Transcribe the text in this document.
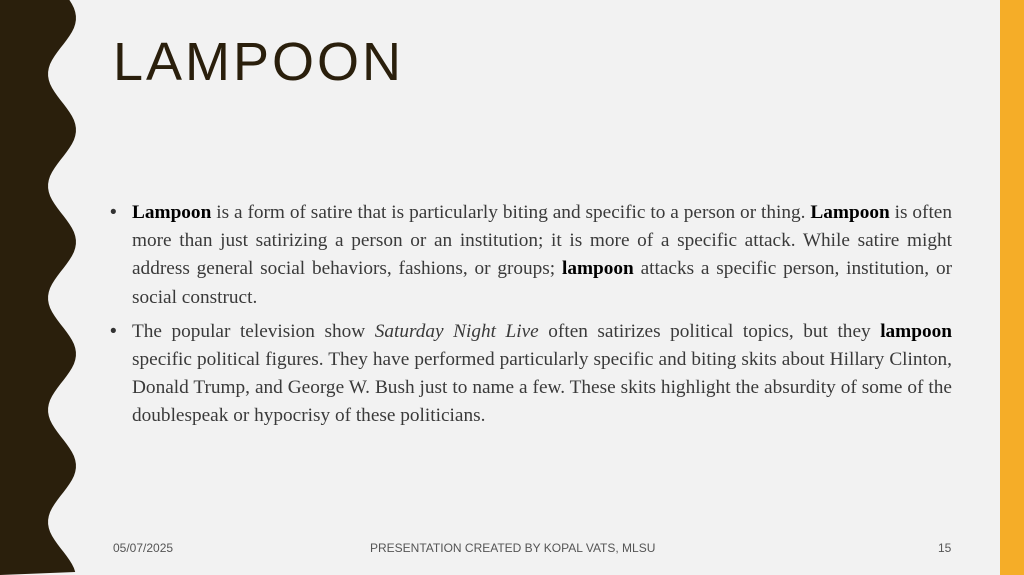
LAMPOON
• Lampoon is a form of satire that is particularly biting and specific to a person or thing. Lampoon is often more than just satirizing a person or an institution; it is more of a specific attack. While satire might address general social behaviors, fashions, or groups; lampoon attacks a specific person, institution, or social construct.

• The popular television show Saturday Night Live often satirizes political topics, but they lampoon specific political figures. They have performed particularly specific and biting skits about Hillary Clinton, Donald Trump, and George W. Bush just to name a few. These skits highlight the absurdity of some of the doublespeak or hypocrisy of these politicians.

05/07/2025	PRESENTATION CREATED BY KOPAL VATS, MLSU	15
